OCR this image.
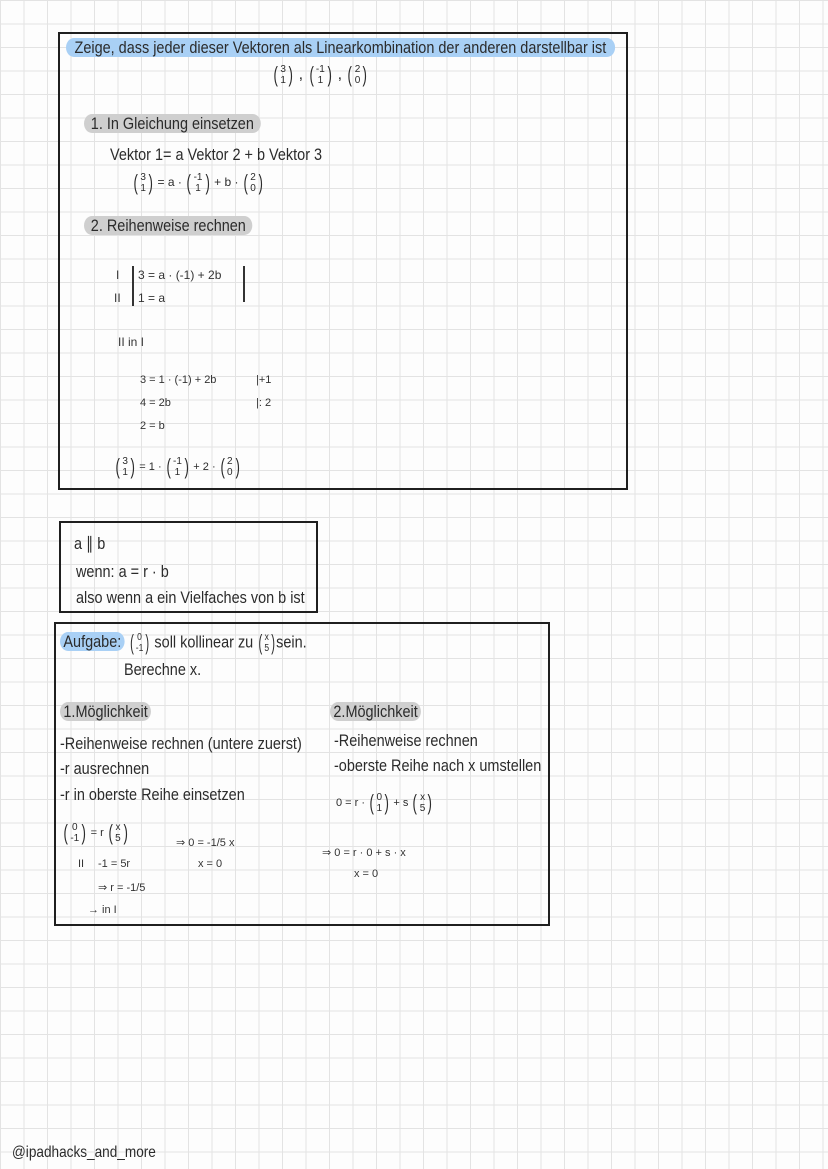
Zeige, dass jeder dieser Vektoren als Linearkombination der anderen darstellbar ist
( 3
1 ) , ( -1
1 ) , ( 2
0 )
1. In Gleichung einsetzen
Vektor 1= a Vektor 2 + b Vektor 3
( 3
1 ) = a · ( -1
1 ) + b · ( 2
0 )
2. Reihenweise rechnen
I
II
3 = a · (-1) + 2b
1 = a
II in I
3 = 1 · (-1) + 2b
4 = 2b
2 = b
|+1
|: 2
( 3
1 ) = 1 · ( -1
1 ) + 2 · ( 2
0 )
a ∥ b
wenn: a = r · b
also wenn a ein Vielfaches von b ist
Aufgabe: ( 0
-1 ) soll kollinear zu ( x
5 ) sein.
Berechne x.
1.Möglichkeit
-Reihenweise rechnen (untere zuerst)
-r ausrechnen
-r in oberste Reihe einsetzen
( 0
-1 ) = r ( x
5 )
II -1 = 5r
⇒ r = -1/5
→ in I
⇒ 0 = -1/5 x
x = 0
2.Möglichkeit
-Reihenweise rechnen
-oberste Reihe nach x umstellen
0 = r · ( 0
1 ) + s ( x
5 )
⇒ 0 = r · 0 + s · x
x = 0
@ipadhacks_and_more
